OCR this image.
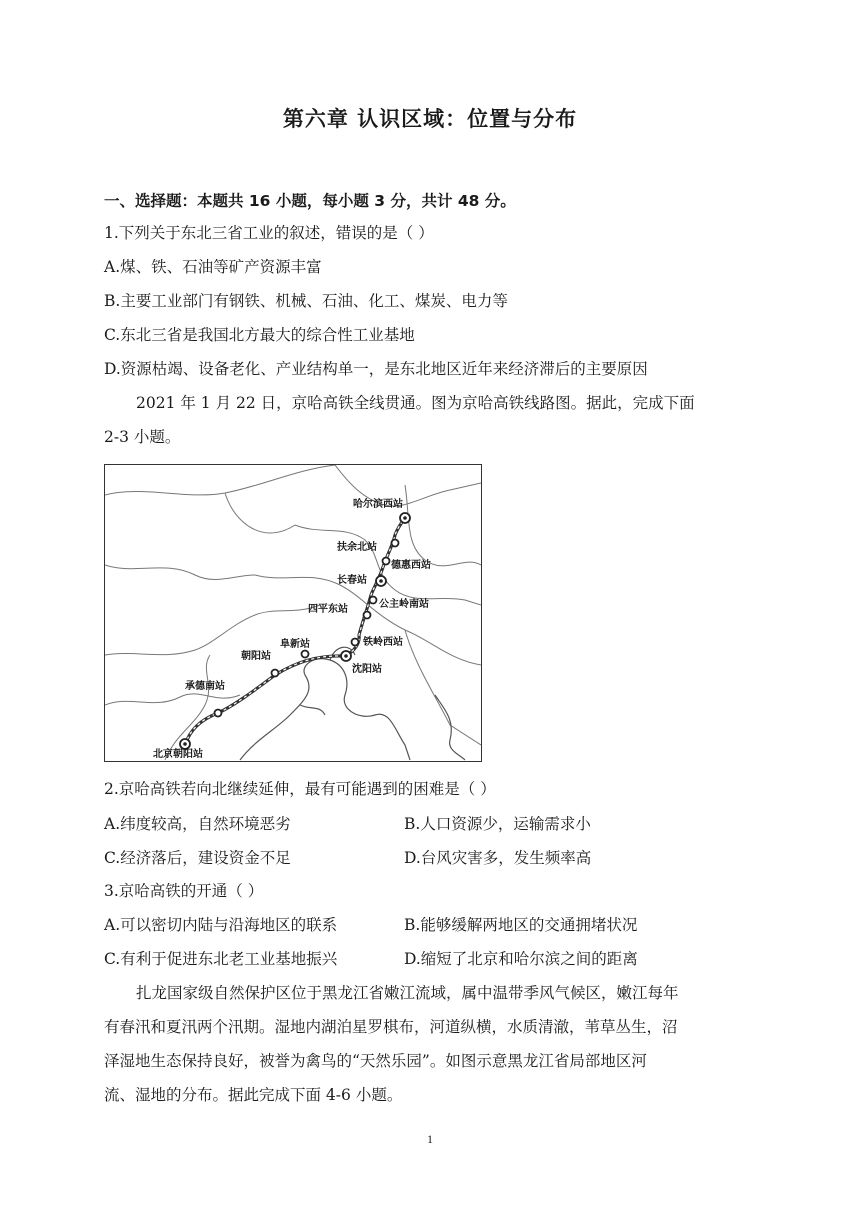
第六章 认识区域：位置与分布
一、选择题：本题共 16 小题，每小题 3 分，共计 48 分。
1.下列关于东北三省工业的叙述，错误的是（ ）
A.煤、铁、石油等矿产资源丰富
B.主要工业部门有钢铁、机械、石油、化工、煤炭、电力等
C.东北三省是我国北方最大的综合性工业基地
D.资源枯竭、设备老化、产业结构单一，是东北地区近年来经济滞后的主要原因
2021 年 1 月 22 日，京哈高铁全线贯通。图为京哈高铁线路图。据此，完成下面
2-3 小题。
哈尔滨西站
扶余北站
德惠西站
长春站
公主岭南站
四平东站
阜新站	铁岭西站
朝阳站
沈阳站
承德南站
北京朝阳站
2.京哈高铁若向北继续延伸，最有可能遇到的困难是（ ）
A.纬度较高，自然环境恶劣	B.人口资源少，运输需求小
C.经济落后，建设资金不足	D.台风灾害多，发生频率高
3.京哈高铁的开通（ ）
A.可以密切内陆与沿海地区的联系	B.能够缓解两地区的交通拥堵状况
C.有利于促进东北老工业基地振兴	D.缩短了北京和哈尔滨之间的距离
扎龙国家级自然保护区位于黑龙江省嫩江流域，属中温带季风气候区，嫩江每年
有春汛和夏汛两个汛期。湿地内湖泊星罗棋布，河道纵横，水质清澈，苇草丛生，沼
泽湿地生态保持良好，被誉为禽鸟的“天然乐园”。如图示意黑龙江省局部地区河
流、湿地的分布。据此完成下面 4-6 小题。
1
